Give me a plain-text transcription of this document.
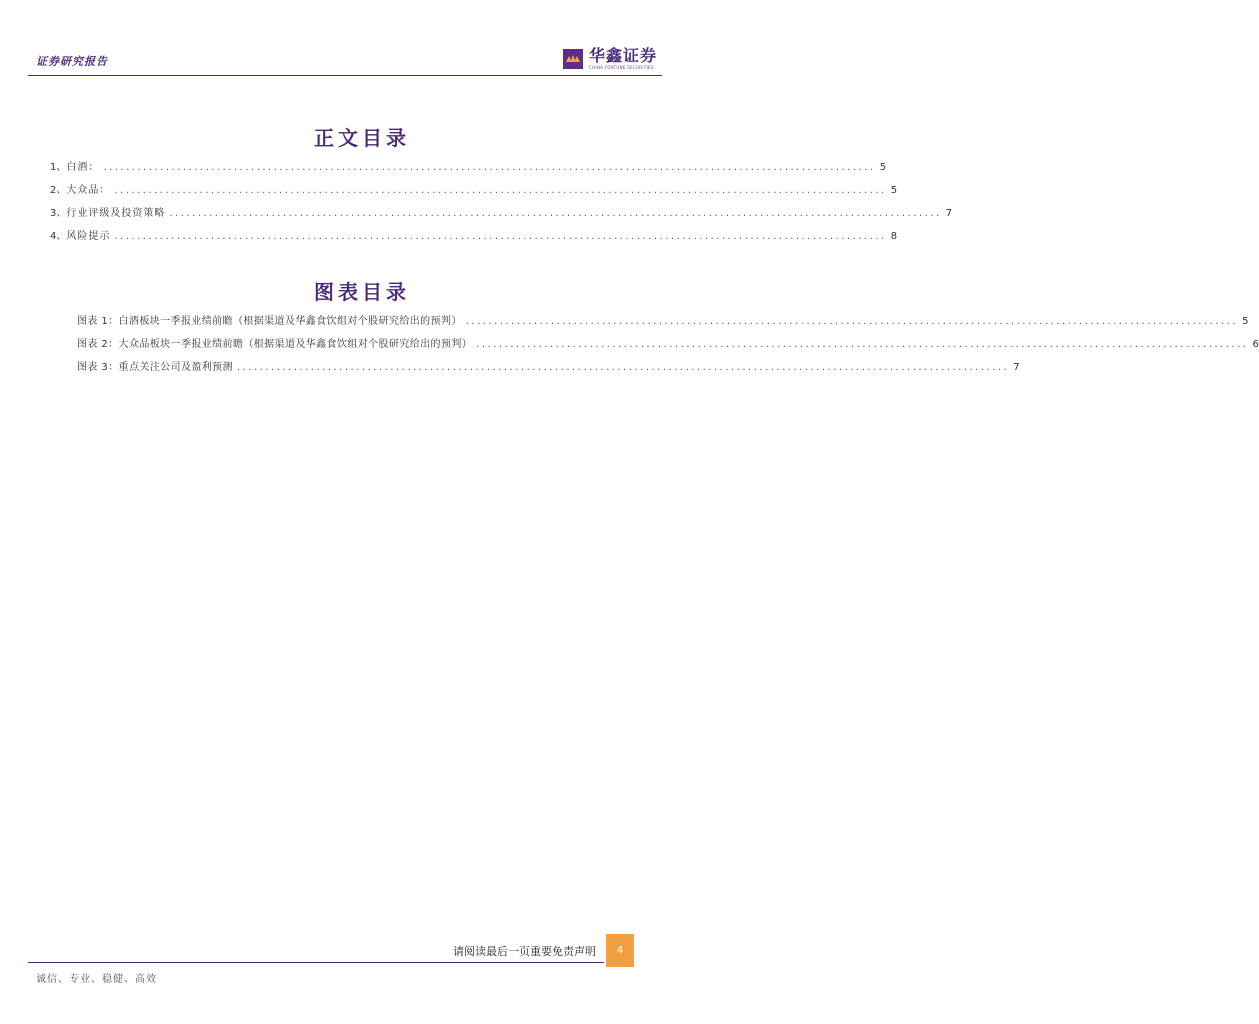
证券研究报告	华鑫证券
CHINA FORTUNE SECURITIES
正文目录
1、 白酒： ........................................................................................................................................ 5
2、 大众品： ........................................................................................................................................ 5
3、 行业评级及投资策略 ........................................................................................................................................ 7
4、 风险提示 ........................................................................................................................................ 8
图表目录
图表 1：白酒板块一季报业绩前瞻（根据渠道及华鑫食饮组对个股研究给出的预判） ........................................................................................................................................ 5
图表 2：大众品板块一季报业绩前瞻（根据渠道及华鑫食饮组对个股研究给出的预判） ........................................................................................................................................ 6
图表 3：重点关注公司及盈利预测 ........................................................................................................................................ 7
请阅读最后一页重要免责声明	4
诚信、专业、稳健、高效
